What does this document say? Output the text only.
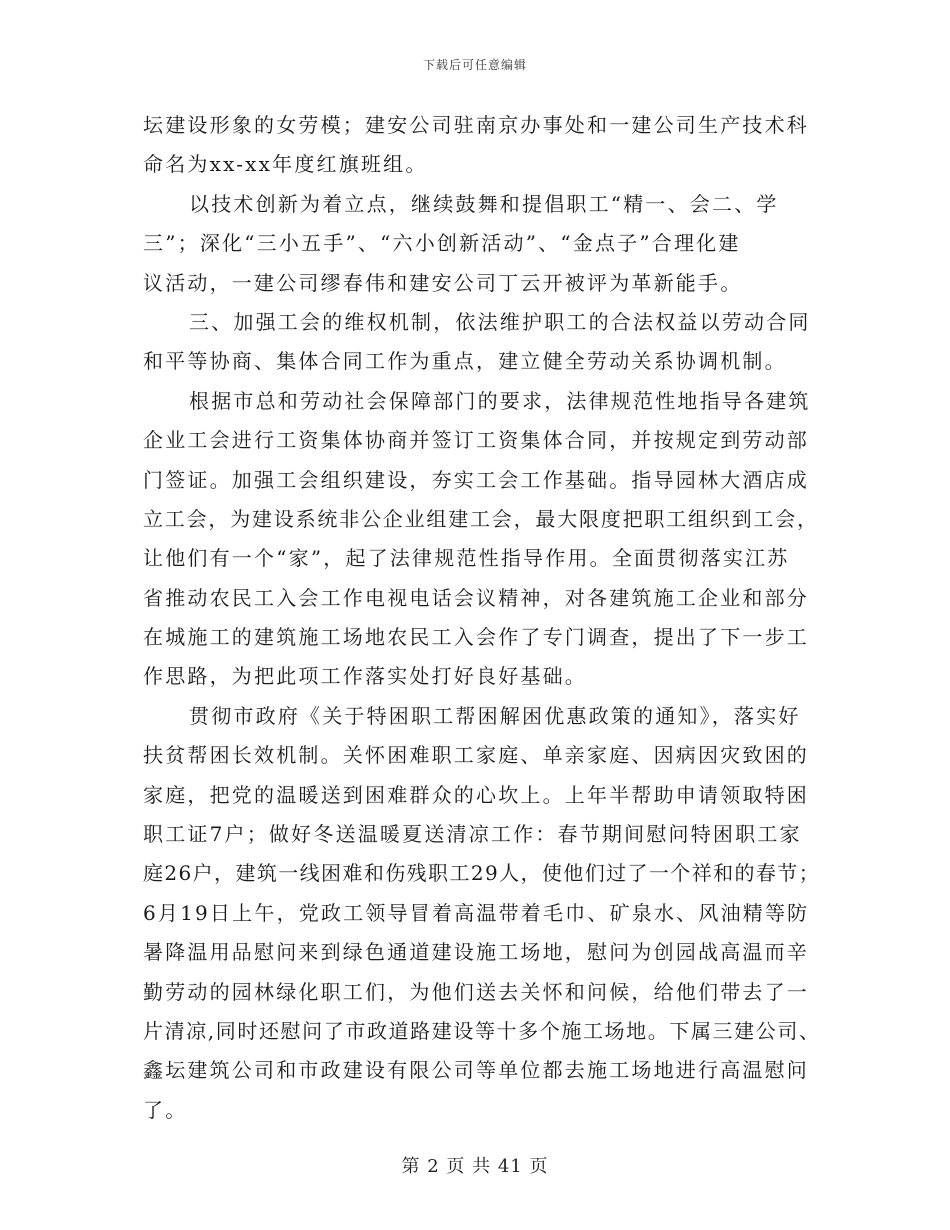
下载后可任意编辑
坛建设形象的女劳模；建安公司驻南京办事处和一建公司生产技术科
命名为xx-xx年度红旗班组。
以技术创新为着立点，继续鼓舞和提倡职工“精一、会二、学
三”；深化“三小五手”、“六小创新活动”、“金点子”合理化建
议活动，一建公司缪春伟和建安公司丁云开被评为革新能手。
三、加强工会的维权机制，依法维护职工的合法权益以劳动合同
和平等协商、集体合同工作为重点，建立健全劳动关系协调机制。
根据市总和劳动社会保障部门的要求，法律规范性地指导各建筑
企业工会进行工资集体协商并签订工资集体合同，并按规定到劳动部
门签证。加强工会组织建设，夯实工会工作基础。指导园林大酒店成
立工会，为建设系统非公企业组建工会，最大限度把职工组织到工会，
让他们有一个“家”，起了法律规范性指导作用。全面贯彻落实江苏
省推动农民工入会工作电视电话会议精神，对各建筑施工企业和部分
在城施工的建筑施工场地农民工入会作了专门调查，提出了下一步工
作思路，为把此项工作落实处打好良好基础。
贯彻市政府《关于特困职工帮困解困优惠政策的通知》，落实好
扶贫帮困长效机制。关怀困难职工家庭、单亲家庭、因病因灾致困的
家庭，把党的温暖送到困难群众的心坎上。上年半帮助申请领取特困
职工证7户；做好冬送温暖夏送清凉工作：春节期间慰问特困职工家
庭26户，建筑一线困难和伤残职工29人，使他们过了一个祥和的春节；
6月19日上午，党政工领导冒着高温带着毛巾、矿泉水、风油精等防
暑降温用品慰问来到绿色通道建设施工场地，慰问为创园战高温而辛
勤劳动的园林绿化职工们，为他们送去关怀和问候，给他们带去了一
片清凉,同时还慰问了市政道路建设等十多个施工场地。下属三建公司、
鑫坛建筑公司和市政建设有限公司等单位都去施工场地进行高温慰问
了。
第 2 页 共 41 页
